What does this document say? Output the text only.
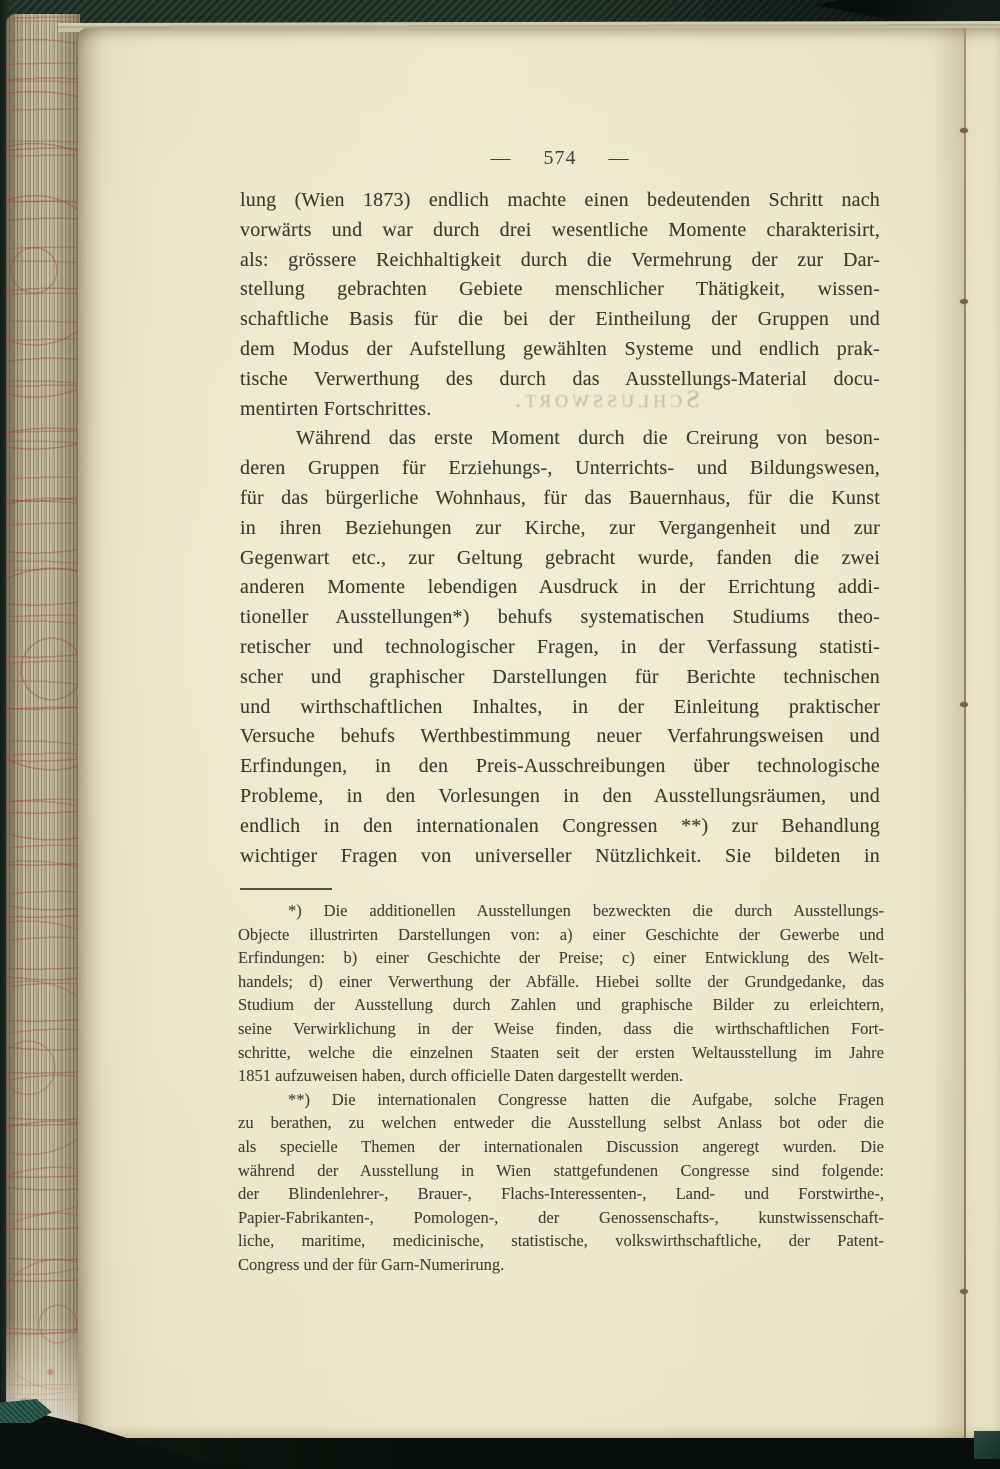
Schlusswort.
— 574 —
lung (Wien 1873) endlich machte einen bedeutenden Schritt nach
vorwärts und war durch drei wesentliche Momente charakterisirt,
als: grössere Reichhaltigkeit durch die Vermehrung der zur Dar-
stellung gebrachten Gebiete menschlicher Thätigkeit, wissen-
schaftliche Basis für die bei der Eintheilung der Gruppen und
dem Modus der Aufstellung gewählten Systeme und endlich prak-
tische Verwerthung des durch das Ausstellungs-Material docu-
mentirten Fortschrittes.
Während das erste Moment durch die Creirung von beson-
deren Gruppen für Erziehungs-, Unterrichts- und Bildungswesen,
für das bürgerliche Wohnhaus, für das Bauernhaus, für die Kunst
in ihren Beziehungen zur Kirche, zur Vergangenheit und zur
Gegenwart etc., zur Geltung gebracht wurde, fanden die zwei
anderen Momente lebendigen Ausdruck in der Errichtung addi-
tioneller Ausstellungen*) behufs systematischen Studiums theo-
retischer und technologischer Fragen, in der Verfassung statisti-
scher und graphischer Darstellungen für Berichte technischen
und wirthschaftlichen Inhaltes, in der Einleitung praktischer
Versuche behufs Werthbestimmung neuer Verfahrungsweisen und
Erfindungen, in den Preis-Ausschreibungen über technologische
Probleme, in den Vorlesungen in den Ausstellungsräumen, und
endlich in den internationalen Congressen **) zur Behandlung
wichtiger Fragen von universeller Nützlichkeit. Sie bildeten in
*) Die additionellen Ausstellungen bezweckten die durch Ausstellungs-
Objecte illustrirten Darstellungen von: a) einer Geschichte der Gewerbe und
Erfindungen: b) einer Geschichte der Preise; c) einer Entwicklung des Welt-
handels; d) einer Verwerthung der Abfälle. Hiebei sollte der Grundgedanke, das
Studium der Ausstellung durch Zahlen und graphische Bilder zu erleichtern,
seine Verwirklichung in der Weise finden, dass die wirthschaftlichen Fort-
schritte, welche die einzelnen Staaten seit der ersten Weltausstellung im Jahre
1851 aufzuweisen haben, durch officielle Daten dargestellt werden.
**) Die internationalen Congresse hatten die Aufgabe, solche Fragen
zu berathen, zu welchen entweder die Ausstellung selbst Anlass bot oder die
als specielle Themen der internationalen Discussion angeregt wurden. Die
während der Ausstellung in Wien stattgefundenen Congresse sind folgende:
der Blindenlehrer-, Brauer-, Flachs-Interessenten-, Land- und Forstwirthe-,
Papier-Fabrikanten-, Pomologen-, der Genossenschafts-, kunstwissenschaft-
liche, maritime, medicinische, statistische, volkswirthschaftliche, der Patent-
Congress und der für Garn-Numerirung.
